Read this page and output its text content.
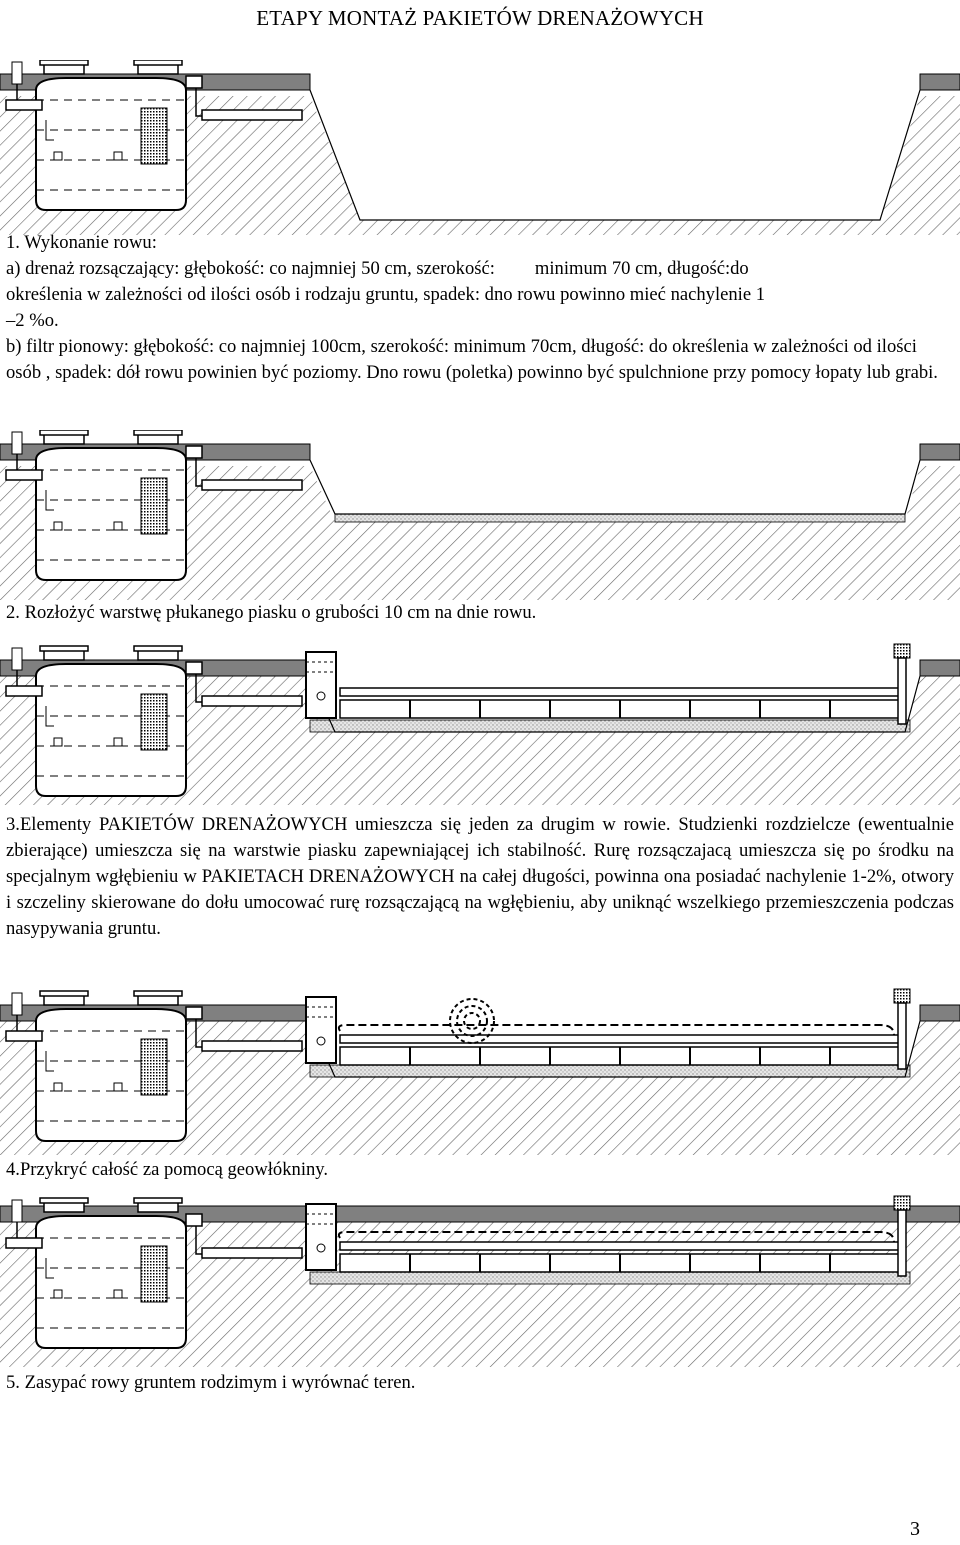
ETAPY MONTAŻ PAKIETÓW DRENAŻOWYCH

1. Wykonanie rowu:

a) drenaż rozsączający: głębokość: co najmniej 50 cm, szerokość: minimum 70 cm, długość:do

określenia w zależności od ilości osób i rodzaju gruntu, spadek: dno rowu powinno mieć nachylenie 1

–2 %o.

b) filtr pionowy: głębokość: co najmniej 100cm, szerokość: minimum 70cm, długość: do określenia w zależności od ilości osób , spadek: dół rowu powinien być poziomy. Dno rowu (poletka) powinno być spulchnione przy pomocy łopaty lub grabi.

2. Rozłożyć warstwę płukanego piasku o grubości 10 cm na dnie rowu.
3.Elementy PAKIETÓW DRENAŻOWYCH umieszcza się jeden za drugim w rowie. Studzienki rozdzielcze (ewentualnie zbierające) umieszcza się na warstwie piasku zapewniającej ich stabilność. Rurę rozsączajacą umieszcza się po środku na specjalnym wgłębieniu w PAKIETACH DRENAŻOWYCH na całej długości, powinna ona posiadać nachylenie 1-2%, otwory i szczeliny skierowane do dołu umocować rurę rozsączającą na wgłębieniu, aby uniknąć wszelkiego przemieszczenia podczas nasypywania gruntu.
4.Przykryć całość za pomocą geowłókniny.
5. Zasypać rowy gruntem rodzimym i wyrównać teren.
3
